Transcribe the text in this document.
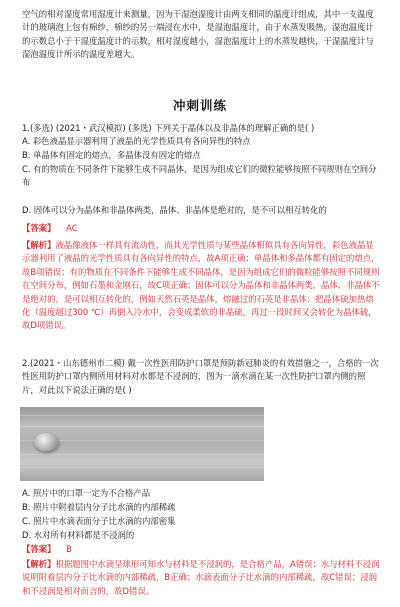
空气的相对湿度常用湿度计来测量，因为干湿泡湿度计由两支相同的温度计组成，其中一支温度计的玻璃泡上包有棉纱，棉纱的另一端浸在水中，是湿泡温度计，由于水蒸发吸热，湿泡温度计的示数总小于干湿度温度计的示数，相对湿度越小，湿泡温度计上的水蒸发越快，干湿温度计与湿泡温度计所示的温度差越大。
冲刺训练
1.(多选) (2021・武汉模拟) (多选) 下列关于晶体以及非晶体的理解正确的是( )
A. 彩色液晶显示器利用了液晶的光学性质具有各向异性的特点
B. 单晶体有固定的熔点，多晶体没有固定的熔点
C. 有的物质在不同条件下能够生成不同晶体，是因为组成它们的微粒能够按照不同规则在空间分布
D. 固体可以分为晶体和非晶体两类，晶体、非晶体是绝对的，是不可以相互转化的
【答案】 AC
【解析】液晶像液体一样具有流动性，而其光学性质与某些晶体相似具有各向异性，彩色液晶显示器利用了液晶的光学性质具有各向异性的特点，故A项正确；单晶体和多晶体都有固定的熔点，故B项错误；有的物质在不同条件下能够生成不同晶体，是因为组成它们的微粒能够按照不同规则在空间分布，例如石墨和金刚石，故C项正确；固体可以分为晶体和非晶体两类，晶体、非晶体不是绝对的，是可以相互转化的，例如天然石英是晶体，熔融过的石英是非晶体；把晶体硫加热熔化（温度超过300 ℃）再倒入冷水中，会变成柔软的非晶硫，再过一段时间又会转化为晶体硫，故D项错误。
2.(2021・山东德州市二模) 戴一次性医用防护口罩是预防新冠肺炎的有效措施之一，合格的一次性医用防护口罩内侧所用材料对水都是不浸润的，图为一滴水滴在某一次性防护口罩内侧的照片，对此以下说法正确的是( )
A. 照片中的口罩一定为不合格产品
B. 照片中附着层内分子比水滴的内部稀疏
C. 照片中水滴表面分子比水滴的内部密集
D. 水对所有材料都是不浸润的
【答案】 B
【解析】根据题图中水滴呈球形可知水与材料是不浸润的，是合格产品，A错误；水与材料不浸润说明附着层内分子比水滴的内部稀疏，B正确；水滴表面分子比水滴的内部稀疏，故C错误；浸润和不浸润是相对而言的，故D错误。
